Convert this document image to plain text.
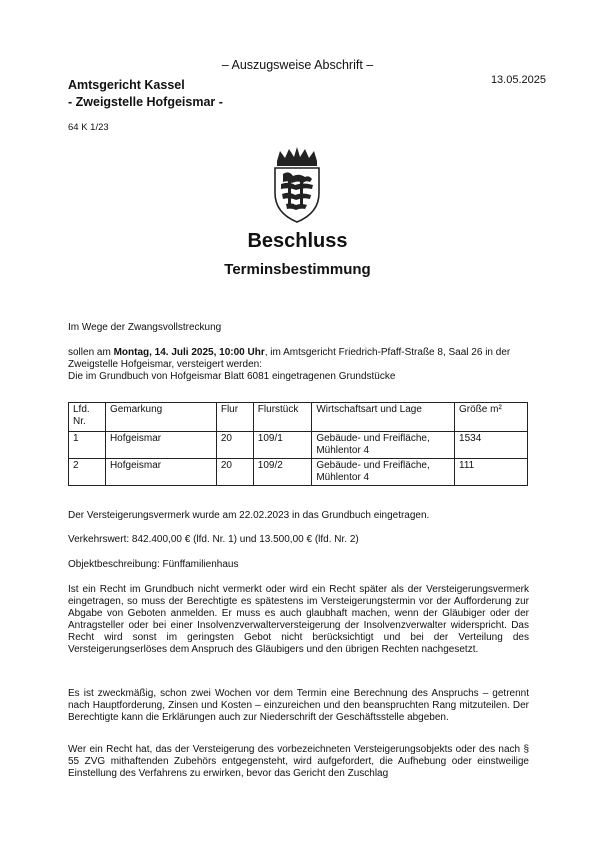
– Auszugsweise Abschrift –
Amtsgericht Kassel
- Zweigstelle Hofgeismar -
13.05.2025
64 K 1/23
Beschluss
Terminsbestimmung
Im Wege der Zwangsvollstreckung
sollen am Montag, 14. Juli 2025, 10:00 Uhr, im Amtsgericht Friedrich-Pfaff-Straße 8, Saal 26 in der Zweigstelle Hofgeismar, versteigert werden:
Die im Grundbuch von Hofgeismar Blatt 6081 eingetragenen Grundstücke
Lfd. Nr.	Gemarkung	Flur	Flurstück	Wirtschaftsart und Lage	Größe m²
1	Hofgeismar	20	109/1	Gebäude- und Freifläche, Mühlentor 4	1534
2	Hofgeismar	20	109/2	Gebäude- und Freifläche, Mühlentor 4	111
Der Versteigerungsvermerk wurde am 22.02.2023 in das Grundbuch eingetragen.
Verkehrswert: 842.400,00 € (lfd. Nr. 1) und 13.500,00 € (lfd. Nr. 2)
Objektbeschreibung: Fünffamilienhaus
Ist ein Recht im Grundbuch nicht vermerkt oder wird ein Recht später als der Versteigerungsvermerk eingetragen, so muss der Berechtigte es spätestens im Versteigerungstermin vor der Aufforderung zur Abgabe von Geboten anmelden. Er muss es auch glaubhaft machen, wenn der Gläubiger oder der Antragsteller oder bei einer Insolvenzverwalterversteigerung der Insolvenzverwalter widerspricht. Das Recht wird sonst im geringsten Gebot nicht berücksichtigt und bei der Verteilung des Versteigerungserlöses dem Anspruch des Gläubigers und den übrigen Rechten nachgesetzt.
Es ist zweckmäßig, schon zwei Wochen vor dem Termin eine Berechnung des Anspruchs – getrennt nach Hauptforderung, Zinsen und Kosten – einzureichen und den beanspruchten Rang mitzuteilen. Der Berechtigte kann die Erklärungen auch zur Niederschrift der Geschäftsstelle abgeben.
Wer ein Recht hat, das der Versteigerung des vorbezeichneten Versteigerungsobjekts oder des nach § 55 ZVG mithaftenden Zubehörs entgegensteht, wird aufgefordert, die Aufhebung oder einstweilige Einstellung des Verfahrens zu erwirken, bevor das Gericht den Zuschlag
